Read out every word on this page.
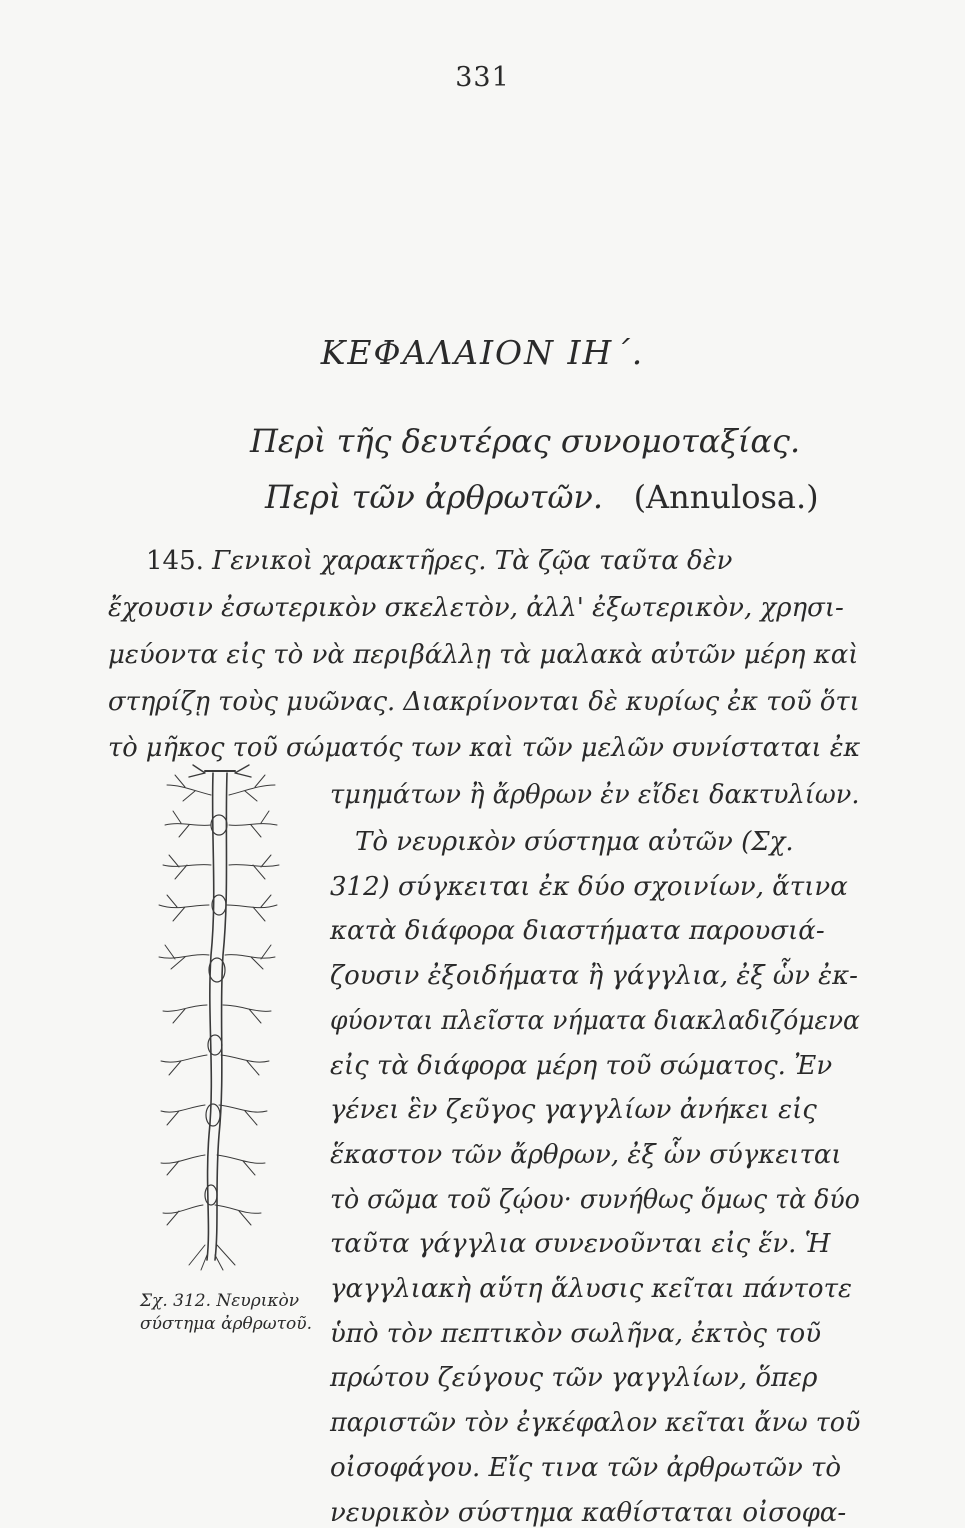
331
ΚΕΦΑΛΑΙΟΝ ΙΗ΄.
Περὶ τῆς δευτέρας συνομοταξίας.
Περὶ τῶν ἀρθρωτῶν. (Annulosa.)
145. Γενικοὶ χαρακτῆρες. Τὰ ζῷα ταῦτα δὲν
ἔχουσιν ἐσωτερικὸν σκελετὸν, ἀλλ' ἐξωτερικὸν, χρησι-
μεύοντα εἰς τὸ νὰ περιβάλλῃ τὰ μαλακὰ αὐτῶν μέρη καὶ
στηρίζῃ τοὺς μυῶνας. Διακρίνονται δὲ κυρίως ἐκ τοῦ ὅτι
τὸ μῆκος τοῦ σώματός των καὶ τῶν μελῶν συνίσταται ἐκ
τμημάτων ἢ ἄρθρων ἐν εἴδει δακτυλίων.
Τὸ νευρικὸν σύστημα αὐτῶν (Σχ.
312) σύγκειται ἐκ δύο σχοινίων, ἅτινα
κατὰ διάφορα διαστήματα παρουσιά-
ζουσιν ἐξοιδήματα ἢ γάγγλια, ἐξ ὧν ἐκ-
φύονται πλεῖστα νήματα διακλαδιζόμενα
εἰς τὰ διάφορα μέρη τοῦ σώματος. Ἐν
γένει ἓν ζεῦγος γαγγλίων ἀνήκει εἰς
ἕκαστον τῶν ἄρθρων, ἐξ ὧν σύγκειται
τὸ σῶμα τοῦ ζῴου· συνήθως ὅμως τὰ δύο
ταῦτα γάγγλια συνενοῦνται εἰς ἕν. Ἡ
γαγγλιακὴ αὕτη ἅλυσις κεῖται πάντοτε
ὑπὸ τὸν πεπτικὸν σωλῆνα, ἐκτὸς τοῦ
πρώτου ζεύγους τῶν γαγγλίων, ὅπερ
παριστῶν τὸν ἐγκέφαλον κεῖται ἄνω τοῦ
οἰσοφάγου. Εἴς τινα τῶν ἀρθρωτῶν τὸ
νευρικὸν σύστημα καθίσταται οἰσοφα-
Σχ. 312. Νευρικὸν
σύστημα ἀρθρωτοῦ.
